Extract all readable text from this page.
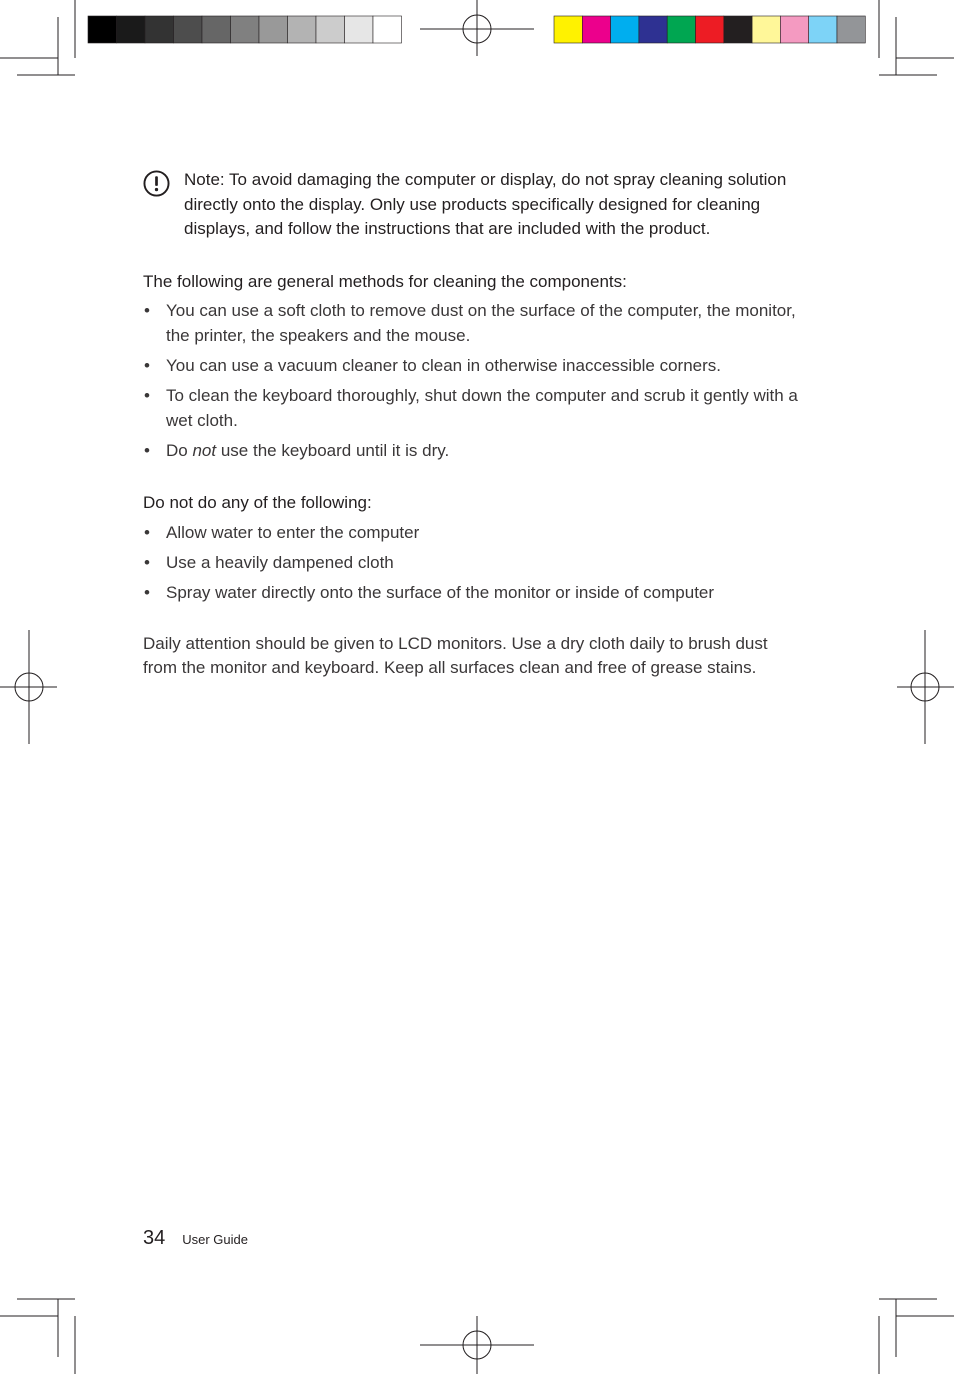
Note: To avoid damaging the computer or display, do not spray cleaning solution directly onto the display. Only use products specifically designed for cleaning displays, and follow the instructions that are included with the product.
The following are general methods for cleaning the components:
• You can use a soft cloth to remove dust on the surface of the computer, the monitor, the printer, the speakers and the mouse.
• You can use a vacuum cleaner to clean in otherwise inaccessible corners.
• To clean the keyboard thoroughly, shut down the computer and scrub it gently with a wet cloth.
• Do not use the keyboard until it is dry.
Do not do any of the following:
• Allow water to enter the computer
• Use a heavily dampened cloth
• Spray water directly onto the surface of the monitor or inside of computer

Daily attention should be given to LCD monitors. Use a dry cloth daily to brush dust from the monitor and keyboard. Keep all surfaces clean and free of grease stains.

34 User Guide
